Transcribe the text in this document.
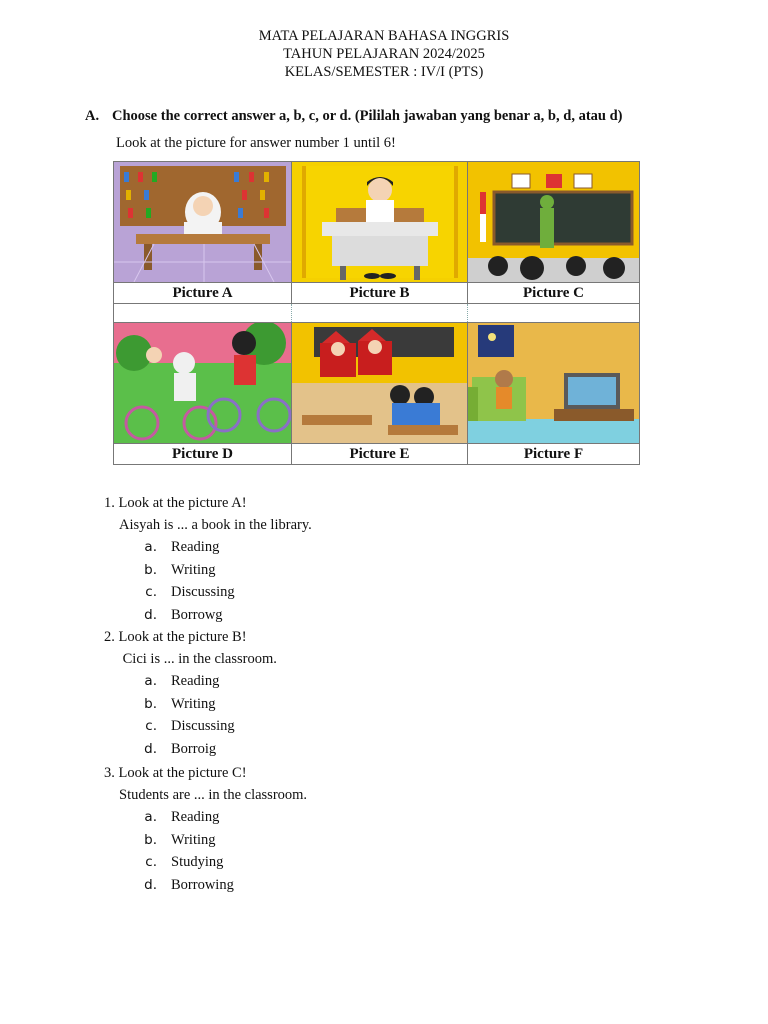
MATA PELAJARAN BAHASA INGGRIS
TAHUN PELAJARAN 2024/2025
KELAS/SEMESTER : IV/I (PTS)
A. Choose the correct answer a, b, c, or d. (Pililah jawaban yang benar a, b, d, atau d)
Look at the picture for answer number 1 until 6!

Picture A	Picture B	Picture C

Picture D	Picture E	Picture F
1. Look at the picture A!
Aisyah is ... a book in the library.
a. Reading
b. Writing
c. Discussing
d. Borrowg
2. Look at the picture B!
Cici is ... in the classroom.
a. Reading
b. Writing
c. Discussing
d. Borroig
3. Look at the picture C!
Students are ... in the classroom.
a. Reading
b. Writing
c. Studying
d. Borrowing
